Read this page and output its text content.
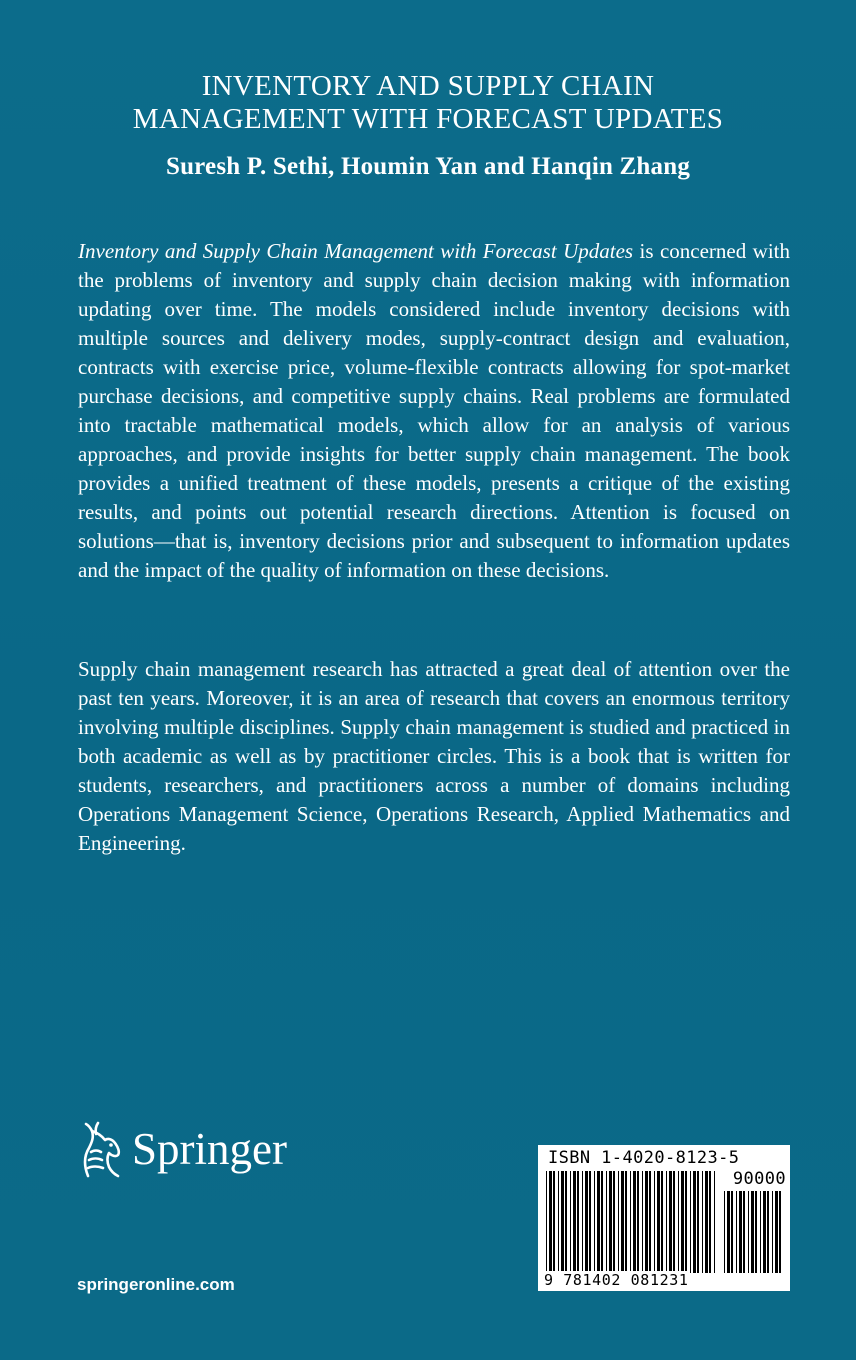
INVENTORY AND SUPPLY CHAIN
MANAGEMENT WITH FORECAST UPDATES
Suresh P. Sethi, Houmin Yan and Hanqin Zhang

Inventory and Supply Chain Management with Forecast Updates is concerned with the problems of inventory and supply chain decision making with information updating over time. The models considered include inventory decisions with multiple sources and delivery modes, supply-contract design and evaluation, contracts with exercise price, volume-flexible contracts allowing for spot-market purchase decisions, and competitive supply chains. Real problems are formulated into tractable mathematical models, which allow for an analysis of various approaches, and provide insights for better supply chain management. The book provides a unified treatment of these models, presents a critique of the existing results, and points out potential research directions. Attention is focused on solutions—that is, inventory decisions prior and subsequent to information updates and the impact of the quality of information on these decisions.

Supply chain management research has attracted a great deal of attention over the past ten years. Moreover, it is an area of research that covers an enormous territory involving multiple disciplines. Supply chain management is studied and practiced in both academic as well as by practitioner circles. This is a book that is written for students, researchers, and practitioners across a number of domains including Operations Management Science, Operations Research, Applied Mathematics and Engineering.

Springer
springeronline.com
ISBN 1-4020-8123-5
90000
9 781402 081231
